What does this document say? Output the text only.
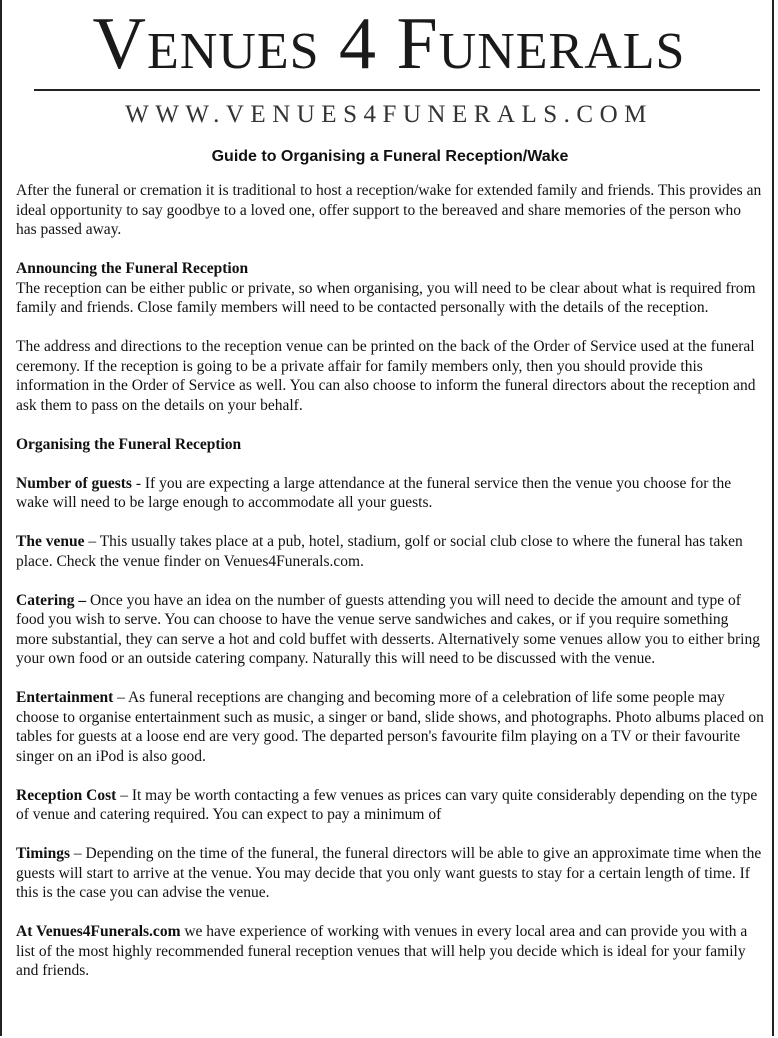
Venues 4 Funerals
WWW.VENUES4FUNERALS.COM
Guide to Organising a Funeral Reception/Wake

After the funeral or cremation it is traditional to host a reception/wake for extended family and friends. This provides an ideal opportunity to say goodbye to a loved one, offer support to the bereaved and share memories of the person who has passed away.

Announcing the Funeral Reception
The reception can be either public or private, so when organising, you will need to be clear about what is required from family and friends. Close family members will need to be contacted personally with the details of the reception.

The address and directions to the reception venue can be printed on the back of the Order of Service used at the funeral ceremony. If the reception is going to be a private affair for family members only, then you should provide this information in the Order of Service as well. You can also choose to inform the funeral directors about the reception and ask them to pass on the details on your behalf.

Organising the Funeral Reception

Number of guests - If you are expecting a large attendance at the funeral service then the venue you choose for the wake will need to be large enough to accommodate all your guests.

The venue – This usually takes place at a pub, hotel, stadium, golf or social club close to where the funeral has taken place. Check the venue finder on Venues4Funerals.com.

Catering – Once you have an idea on the number of guests attending you will need to decide the amount and type of food you wish to serve. You can choose to have the venue serve sandwiches and cakes, or if you require something more substantial, they can serve a hot and cold buffet with desserts. Alternatively some venues allow you to either bring your own food or an outside catering company. Naturally this will need to be discussed with the venue.

Entertainment – As funeral receptions are changing and becoming more of a celebration of life some people may choose to organise entertainment such as music, a singer or band, slide shows, and photographs. Photo albums placed on tables for guests at a loose end are very good. The departed person's favourite film playing on a TV or their favourite singer on an iPod is also good.

Reception Cost – It may be worth contacting a few venues as prices can vary quite considerably depending on the type of venue and catering required. You can expect to pay a minimum of

Timings – Depending on the time of the funeral, the funeral directors will be able to give an approximate time when the guests will start to arrive at the venue. You may decide that you only want guests to stay for a certain length of time. If this is the case you can advise the venue.

At Venues4Funerals.com we have experience of working with venues in every local area and can provide you with a list of the most highly recommended funeral reception venues that will help you decide which is ideal for your family and friends.
